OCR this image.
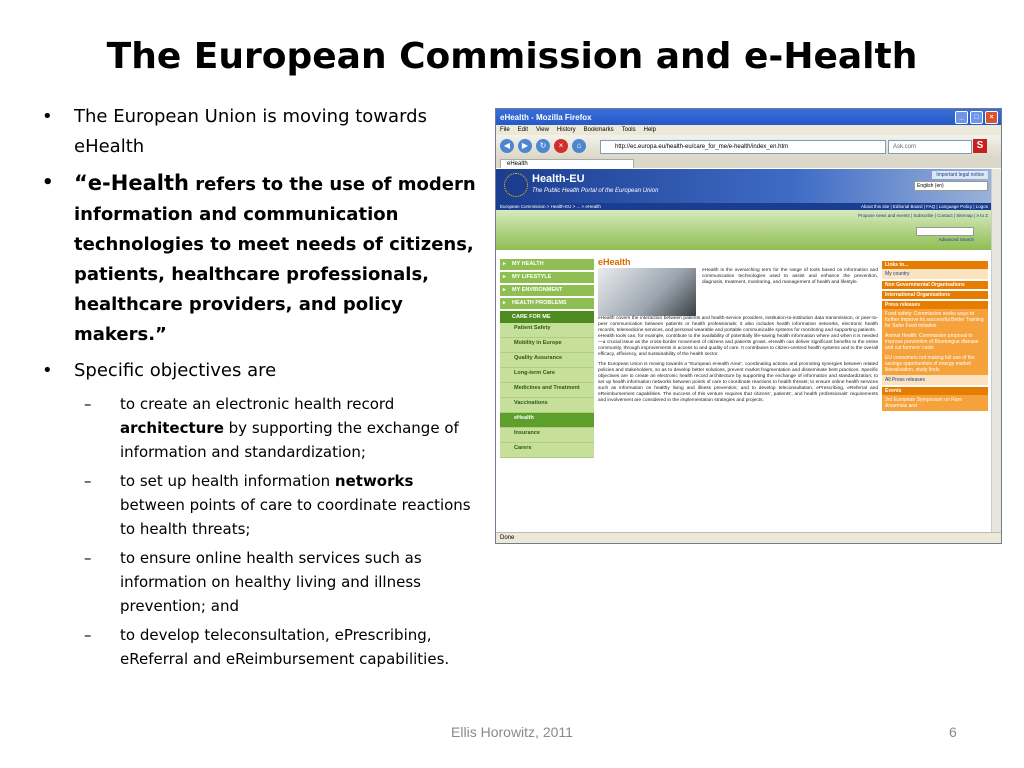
The European Commission and e-Health
• The European Union is moving towards eHealth
• “e-Health refers to the use of modern information and communication technologies to meet needs of citizens, patients, healthcare professionals, healthcare providers, and policy makers.”
• Specific objectives are
– to create an electronic health record architecture by supporting the exchange of information and standardization;
– to set up health information networks between points of care to coordinate reactions to health threats;
– to ensure online health services such as information on healthy living and illness prevention; and
– to develop teleconsultation, ePrescribing, eReferral and eReimbursement capabilities.
eHealth - Mozilla Firefox	_	□	×
File Edit View History Bookmarks Tools Help
◀	▶	↻	×	⌂	http://ec.europa.eu/health-eu/care_for_me/e-health/index_en.htm	Ask.com	S
eHealth
Health-EU
The Public Health Portal of the European Union
Important legal notice
English (en)
European Commission > Health-EU > ... > eHealth	About this site | Editorial Board | FAQ | Language Policy | Logos
Propose news and events | Subscribe | Contact | Sitemap | A to Z
Advanced Search
▸ MY HEALTH
▸ MY LIFESTYLE
▸ MY ENVIRONMENT
▸ HEALTH PROBLEMS
CARE FOR ME
Patient Safety
Mobility in Europe
Quality Assurance
Long-term Care
Medicines and Treatment
Vaccinations
eHealth
Insurance
Carers
eHealth

eHealth is the overarching term for the range of tools based on information and communication technologies used to assist and enhance the prevention, diagnosis, treatment, monitoring, and management of health and lifestyle.

eHealth covers the interaction between patients and health-service providers, institution-to-institution data transmission, or peer-to-peer communication between patients or health professionals; it also includes health information networks, electronic health records, telemedicine services, and personal wearable and portable communicable systems for monitoring and supporting patients.

eHealth tools can, for example, contribute to the availability of potentially life-saving health information where and when it is needed—a crucial issue as the cross-border movement of citizens and patients grows. eHealth can deliver significant benefits to the entire community, through improvements in access to and quality of care. It contributes to citizen-centred health systems and to the overall efficacy, efficiency, and sustainability of the health sector.

The European Union is moving towards a "European eHealth Area", coordinating actions and promoting synergies between related policies and stakeholders, so as to develop better solutions, prevent market fragmentation and disseminate best practices. Specific objectives are to create an electronic health record architecture by supporting the exchange of information and standardization; to set up health information networks between points of care to coordinate reactions to health threats; to ensure online health services such as information on healthy living and illness prevention; and to develop teleconsultation, ePrescribing, eReferral and eReimbursement capabilities. The success of this venture requires that citizens', patients', and health professionals' requirements and involvement are considered in the implementation strategies and projects.

Links to...
My country
Non Governmental Organisations
International Organisations
Press releases
Food safety: Commission seeks ways to further improve its successful Better Training for Safer Food initiative
Animal Health: Commission proposal to improve prevention of Bluetongue disease and cut farmers' costs
EU consumers not making full use of the savings opportunities of energy market liberalisation, study finds
All Press releases
Events
3rd European Symposium on Rare Anaemias and
Done
Ellis Horowitz, 2011	6
